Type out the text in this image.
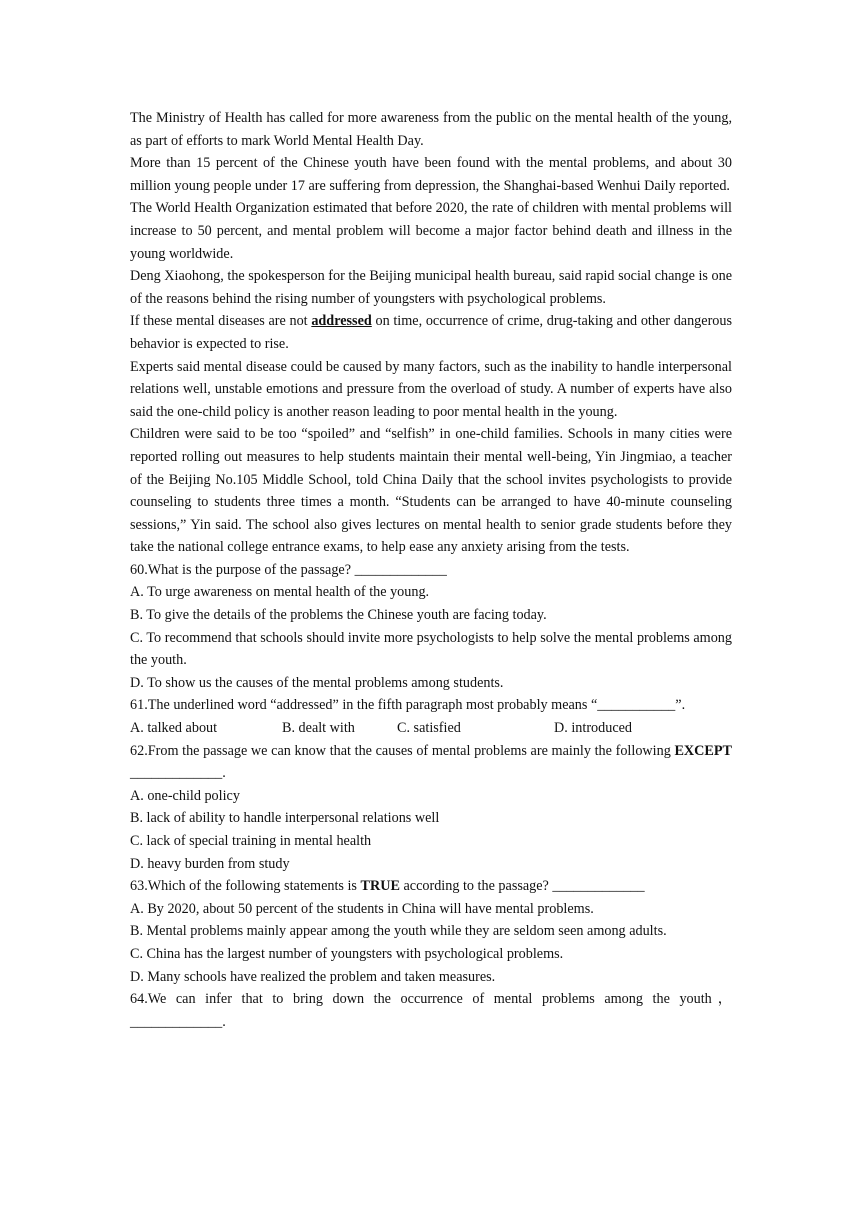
The Ministry of Health has called for more awareness from the public on the mental health of the young, as part of efforts to mark World Mental Health Day.

More than 15 percent of the Chinese youth have been found with the mental problems, and about 30 million young people under 17 are suffering from depression, the Shanghai-based Wenhui Daily reported.

The World Health Organization estimated that before 2020, the rate of children with mental problems will increase to 50 percent, and mental problem will become a major factor behind death and illness in the young worldwide.

Deng Xiaohong, the spokesperson for the Beijing municipal health bureau, said rapid social change is one of the reasons behind the rising number of youngsters with psychological problems.

If these mental diseases are not addressed on time, occurrence of crime, drug-taking and other dangerous behavior is expected to rise.

Experts said mental disease could be caused by many factors, such as the inability to handle interpersonal relations well, unstable emotions and pressure from the overload of study. A number of experts have also said the one-child policy is another reason leading to poor mental health in the young.

Children were said to be too “spoiled” and “selfish” in one-child families. Schools in many cities were reported rolling out measures to help students maintain their mental well-being, Yin Jingmiao, a teacher of the Beijing No.105 Middle School, told China Daily that the school invites psychologists to provide counseling to students three times a month. “Students can be arranged to have 40-minute counseling sessions,” Yin said. The school also gives lectures on mental health to senior grade students before they take the national college entrance exams, to help ease any anxiety arising from the tests.

60.What is the purpose of the passage? _____________

A. To urge awareness on mental health of the young.

B. To give the details of the problems the Chinese youth are facing today.

C. To recommend that schools should invite more psychologists to help solve the mental problems among the youth.

D. To show us the causes of the mental problems among students.

61.The underlined word “addressed” in the fifth paragraph most probably means “___________”.

A. talked about	B. dealt with	C. satisfied	D. introduced

62.From the passage we can know that the causes of mental problems are mainly the following EXCEPT _____________.

A. one-child policy

B. lack of ability to handle interpersonal relations well

C. lack of special training in mental health

D. heavy burden from study

63.Which of the following statements is TRUE according to the passage? _____________

A. By 2020, about 50 percent of the students in China will have mental problems.

B. Mental problems mainly appear among the youth while they are seldom seen among adults.

C. China has the largest number of youngsters with psychological problems.

D. Many schools have realized the problem and taken measures.

64.We can infer that to bring down the occurrence of mental problems among the youth，_____________.
